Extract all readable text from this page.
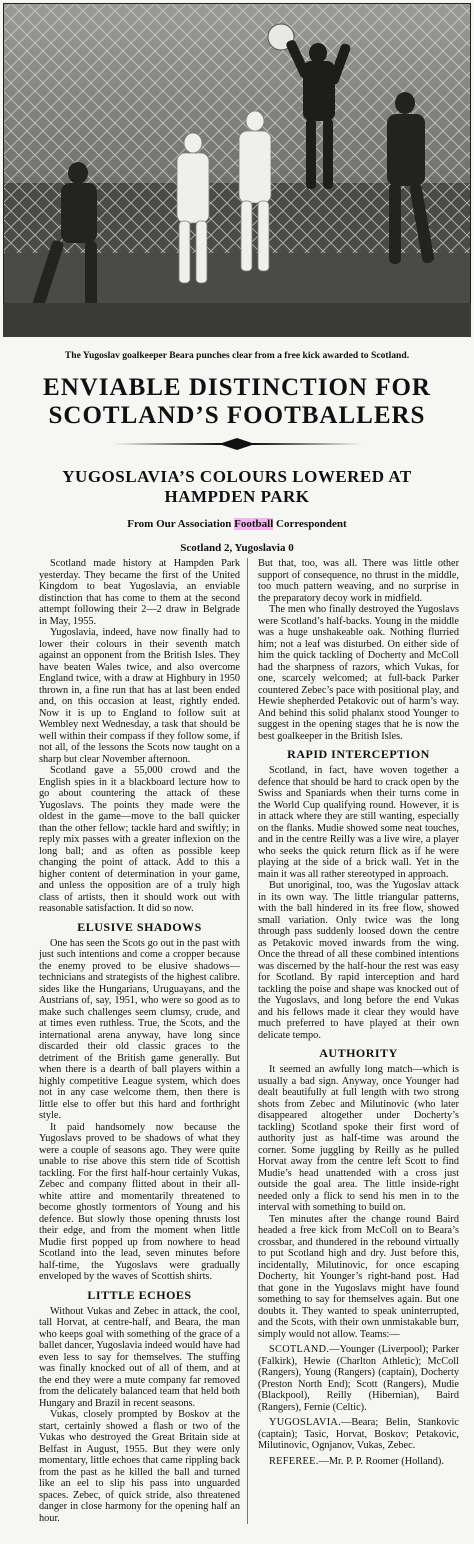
The Yugoslav goalkeeper Beara punches clear from a free kick awarded to Scotland.
ENVIABLE DISTINCTION FOR
SCOTLAND’S FOOTBALLERS
YUGOSLAVIA’S COLOURS LOWERED AT
HAMPDEN PARK
From Our Association Football Correspondent
Scotland 2, Yugoslavia 0

Scotland made history at Hampden Park yesterday. They became the first of the United Kingdom to beat Yugoslavia, an enviable distinction that has come to them at the second attempt following their 2—2 draw in Belgrade in May, 1955.

Yugoslavia, indeed, have now finally had to lower their colours in their seventh match against an opponent from the British Isles. They have beaten Wales twice, and also overcome England twice, with a draw at Highbury in 1950 thrown in, a fine run that has at last been ended and, on this occasion at least, rightly ended. Now it is up to England to follow suit at Wembley next Wednesday, a task that should be well within their compass if they follow some, if not all, of the lessons the Scots now taught on a sharp but clear November afternoon.

Scotland gave a 55,000 crowd and the English spies in it a blackboard lecture how to go about countering the attack of these Yugoslavs. The points they made were the oldest in the game—move to the ball quicker than the other fellow; tackle hard and swiftly; in reply mix passes with a greater inflexion on the long ball; and as often as possible keep changing the point of attack. Add to this a higher content of determination in your game, and unless the opposition are of a truly high class of artists, then it should work out with reasonable satisfaction. It did so now.

ELUSIVE SHADOWS

One has seen the Scots go out in the past with just such intentions and come a cropper because the enemy proved to be elusive shadows—technicians and strategists of the highest calibre. sides like the Hungarians, Uruguayans, and the Austrians of, say, 1951, who were so good as to make such challenges seem clumsy, crude, and at times even ruthless. True, the Scots, and the international arena anyway, have long since discarded their old classic graces to the detriment of the British game generally. But when there is a dearth of ball players within a highly competitive League system, which does not in any case welcome them, then there is little else to offer but this hard and forthright style.

It paid handsomely now because the Yugoslavs proved to be shadows of what they were a couple of seasons ago. They were quite unable to rise above this stern tide of Scottish tackling. For the first half-hour certainly Vukas, Zebec and company flitted about in their all-white attire and momentarily threatened to become ghostly tormentors of Young and his defence. But slowly those opening thrusts lost their edge, and from the moment when little Mudie first popped up from nowhere to head Scotland into the lead, seven minutes before half-time, the Yugoslavs were gradually enveloped by the waves of Scottish shirts.

LITTLE ECHOES

Without Vukas and Zebec in attack, the cool, tall Horvat, at centre-half, and Beara, the man who keeps goal with something of the grace of a ballet dancer, Yugoslavia indeed would have had even less to say for themselves. The stuffing was finally knocked out of all of them, and at the end they were a mute company far removed from the delicately balanced team that held both Hungary and Brazil in recent seasons.

Vukas, closely prompted by Boskov at the start, certainly showed a flash or two of the Vukas who destroyed the Great Britain side at Belfast in August, 1955. But they were only momentary, little echoes that came rippling back from the past as he killed the ball and turned like an eel to slip his pass into unguarded spaces. Zebec, of quick stride, also threatened danger in close harmony for the opening half an hour.

But that, too, was all. There was little other support of consequence, no thrust in the middle, too much pattern weaving, and no surprise in the preparatory decoy work in midfield.

The men who finally destroyed the Yugoslavs were Scotland’s half-backs. Young in the middle was a huge unshakeable oak. Nothing flurried him; not a leaf was disturbed. On either side of him the quick tackling of Docherty and McColl had the sharpness of razors, which Vukas, for one, scarcely welcomed; at full-back Parker countered Zebec’s pace with positional play, and Hewie shepherded Petakovic out of harm’s way. And behind this solid phalanx stood Younger to suggest in the opening stages that he is now the best goalkeeper in the British Isles.

RAPID INTERCEPTION

Scotland, in fact, have woven together a defence that should be hard to crack open by the Swiss and Spaniards when their turns come in the World Cup qualifying round. However, it is in attack where they are still wanting, especially on the flanks. Mudie showed some neat touches, and in the centre Reilly was a live wire, a player who seeks the quick return flick as if he were playing at the side of a brick wall. Yet in the main it was all rather stereotyped in approach.

But unoriginal, too, was the Yugoslav attack in its own way. The little triangular patterns, with the ball hindered in its free flow, showed small variation. Only twice was the long through pass suddenly loosed down the centre as Petakovic moved inwards from the wing. Once the thread of all these combined intentions was discerned by the half-hour the rest was easy for Scotland. By rapid interception and hard tackling the poise and shape was knocked out of the Yugoslavs, and long before the end Vukas and his fellows made it clear they would have much preferred to have played at their own delicate tempo.

AUTHORITY

It seemed an awfully long match—which is usually a bad sign. Anyway, once Younger had dealt beautifully at full length with two strong shots from Zebec and Milutinovic (who later disappeared altogether under Docherty’s tackling) Scotland spoke their first word of authority just as half-time was around the corner. Some juggling by Reilly as he pulled Horvat away from the centre left Scott to find Mudie’s head unattended with a cross just outside the goal area. The little inside-right needed only a flick to send his men in to the interval with something to build on.

Ten minutes after the change round Baird headed a free kick from McColl on to Beara’s crossbar, and thundered in the rebound virtually to put Scotland high and dry. Just before this, incidentally, Milutinovic, for once escaping Docherty, hit Younger’s right-hand post. Had that gone in the Yugoslavs might have found something to say for themselves again. But one doubts it. They wanted to speak uninterrupted, and the Scots, with their own unmistakable burr, simply would not allow. Teams:—

SCOTLAND.—Younger (Liverpool); Parker (Falkirk), Hewie (Charlton Athletic); McColl (Rangers), Young (Rangers) (captain), Docherty (Preston North End); Scott (Rangers), Mudie (Blackpool), Reilly (Hibernian), Baird (Rangers), Fernie (Celtic).

YUGOSLAVIA.—Beara; Belin, Stankovic (captain); Tasic, Horvat, Boskov; Petakovic, Milutinovic, Ognjanov, Vukas, Zebec.

REFEREE.—Mr. P. P. Roomer (Holland).
